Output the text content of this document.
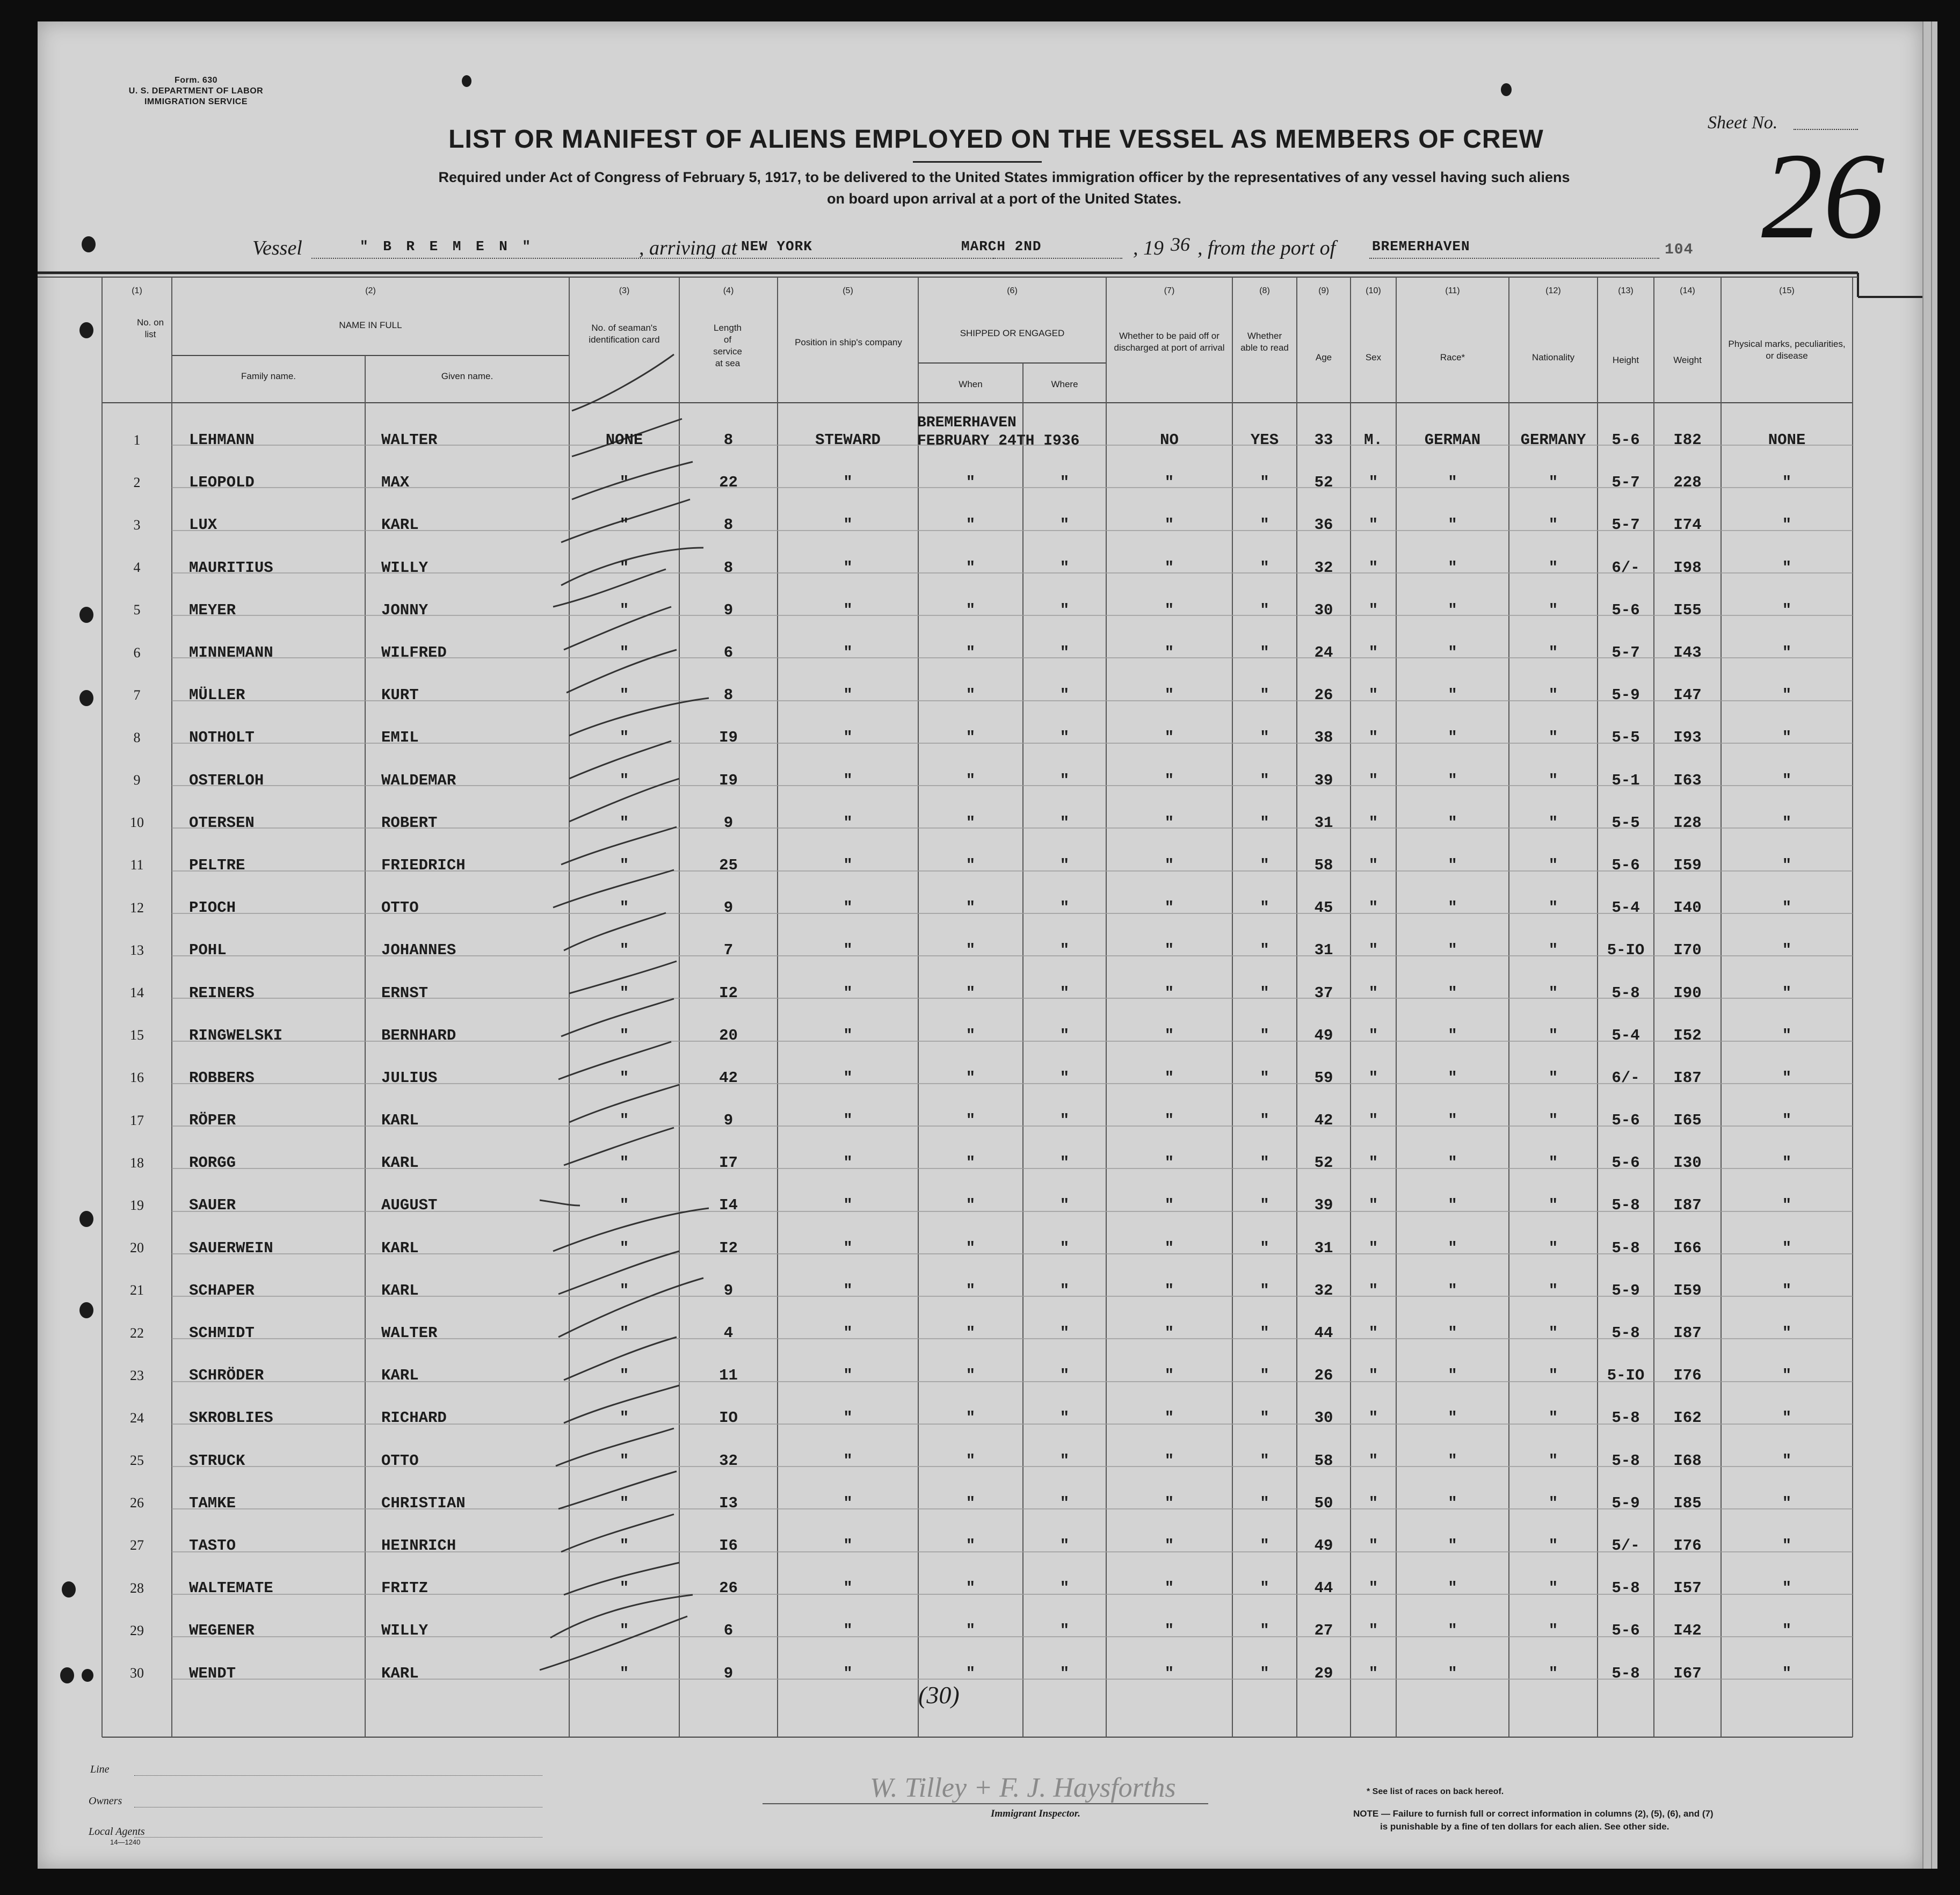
Form. 630
U. S. DEPARTMENT OF LABOR
IMMIGRATION SERVICE
LIST OR MANIFEST OF ALIENS EMPLOYED ON THE VESSEL AS MEMBERS OF CREW
Required under Act of Congress of February 5, 1917, to be delivered to the United States immigration officer by the representatives of any vessel having such aliens
on board upon arrival at a port of the United States.
Sheet No.
26
Vessel	" B R E M E N "	, arriving at NEW YORK	MARCH 2ND	, 19 36 , from the port of	BREMERHAVEN	104
(1)
No. on list
(2)
NAME IN FULL
Family name.	Given name.
(3)
No. of seaman's identification card
(4)
Length of service at sea
(5)
Position in ship's company
(6)
SHIPPED OR ENGAGED
When	Where
(7)
Whether to be paid off or discharged at port of arrival
(8)
Whether able to read
(9)
Age
(10)
Sex
(11)
Race*
(12)
Nationality
(13)
Height
(14)
Weight
(15)
Physical marks, peculiarities, or disease
BREMERHAVEN
FEBRUARY 24TH I936
1	LEHMANN	WALTER	NONE	8	STEWARD			NO	YES	33	M.	GERMAN	GERMANY	5-6	I82	NONE
2	LEOPOLD	MAX	"	22	"	"	"	"	"	52	"	"	"	5-7	228	"
3	LUX	KARL	"	8	"	"	"	"	"	36	"	"	"	5-7	I74	"
4	MAURITIUS	WILLY	"	8	"	"	"	"	"	32	"	"	"	6/-	I98	"
5	MEYER	JONNY	"	9	"	"	"	"	"	30	"	"	"	5-6	I55	"
6	MINNEMANN	WILFRED	"	6	"	"	"	"	"	24	"	"	"	5-7	I43	"
7	MÜLLER	KURT	"	8	"	"	"	"	"	26	"	"	"	5-9	I47	"
8	NOTHOLT	EMIL	"	I9	"	"	"	"	"	38	"	"	"	5-5	I93	"
9	OSTERLOH	WALDEMAR	"	I9	"	"	"	"	"	39	"	"	"	5-1	I63	"
10	OTERSEN	ROBERT	"	9	"	"	"	"	"	31	"	"	"	5-5	I28	"
11	PELTRE	FRIEDRICH	"	25	"	"	"	"	"	58	"	"	"	5-6	I59	"
12	PIOCH	OTTO	"	9	"	"	"	"	"	45	"	"	"	5-4	I40	"
13	POHL	JOHANNES	"	7	"	"	"	"	"	31	"	"	"	5-IO	I70	"
14	REINERS	ERNST	"	I2	"	"	"	"	"	37	"	"	"	5-8	I90	"
15	RINGWELSKI	BERNHARD	"	20	"	"	"	"	"	49	"	"	"	5-4	I52	"
16	ROBBERS	JULIUS	"	42	"	"	"	"	"	59	"	"	"	6/-	I87	"
17	RÖPER	KARL	"	9	"	"	"	"	"	42	"	"	"	5-6	I65	"
18	RORGG	KARL	"	I7	"	"	"	"	"	52	"	"	"	5-6	I30	"
19	SAUER	AUGUST	"	I4	"	"	"	"	"	39	"	"	"	5-8	I87	"
20	SAUERWEIN	KARL	"	I2	"	"	"	"	"	31	"	"	"	5-8	I66	"
21	SCHAPER	KARL	"	9	"	"	"	"	"	32	"	"	"	5-9	I59	"
22	SCHMIDT	WALTER	"	4	"	"	"	"	"	44	"	"	"	5-8	I87	"
23	SCHRÖDER	KARL	"	11	"	"	"	"	"	26	"	"	"	5-IO	I76	"
24	SKROBLIES	RICHARD	"	IO	"	"	"	"	"	30	"	"	"	5-8	I62	"
25	STRUCK	OTTO	"	32	"	"	"	"	"	58	"	"	"	5-8	I68	"
26	TAMKE	CHRISTIAN	"	I3	"	"	"	"	"	50	"	"	"	5-9	I85	"
27	TASTO	HEINRICH	"	I6	"	"	"	"	"	49	"	"	"	5/-	I76	"
28	WALTEMATE	FRITZ	"	26	"	"	"	"	"	44	"	"	"	5-8	I57	"
29	WEGENER	WILLY	"	6	"	"	"	"	"	27	"	"	"	5-6	I42	"
30	WENDT	KARL	"	9	"	"	"	"	"	29	"	"	"	5-8	I67	"
(30)
Line
Owners
Local Agents
14—1240
W. Tilley + F. J. Haysforths
Immigrant Inspector.
* See list of races on back hereof.
NOTE — Failure to furnish full or correct information in columns (2), (5), (6), and (7)
is punishable by a fine of ten dollars for each alien. See other side.
